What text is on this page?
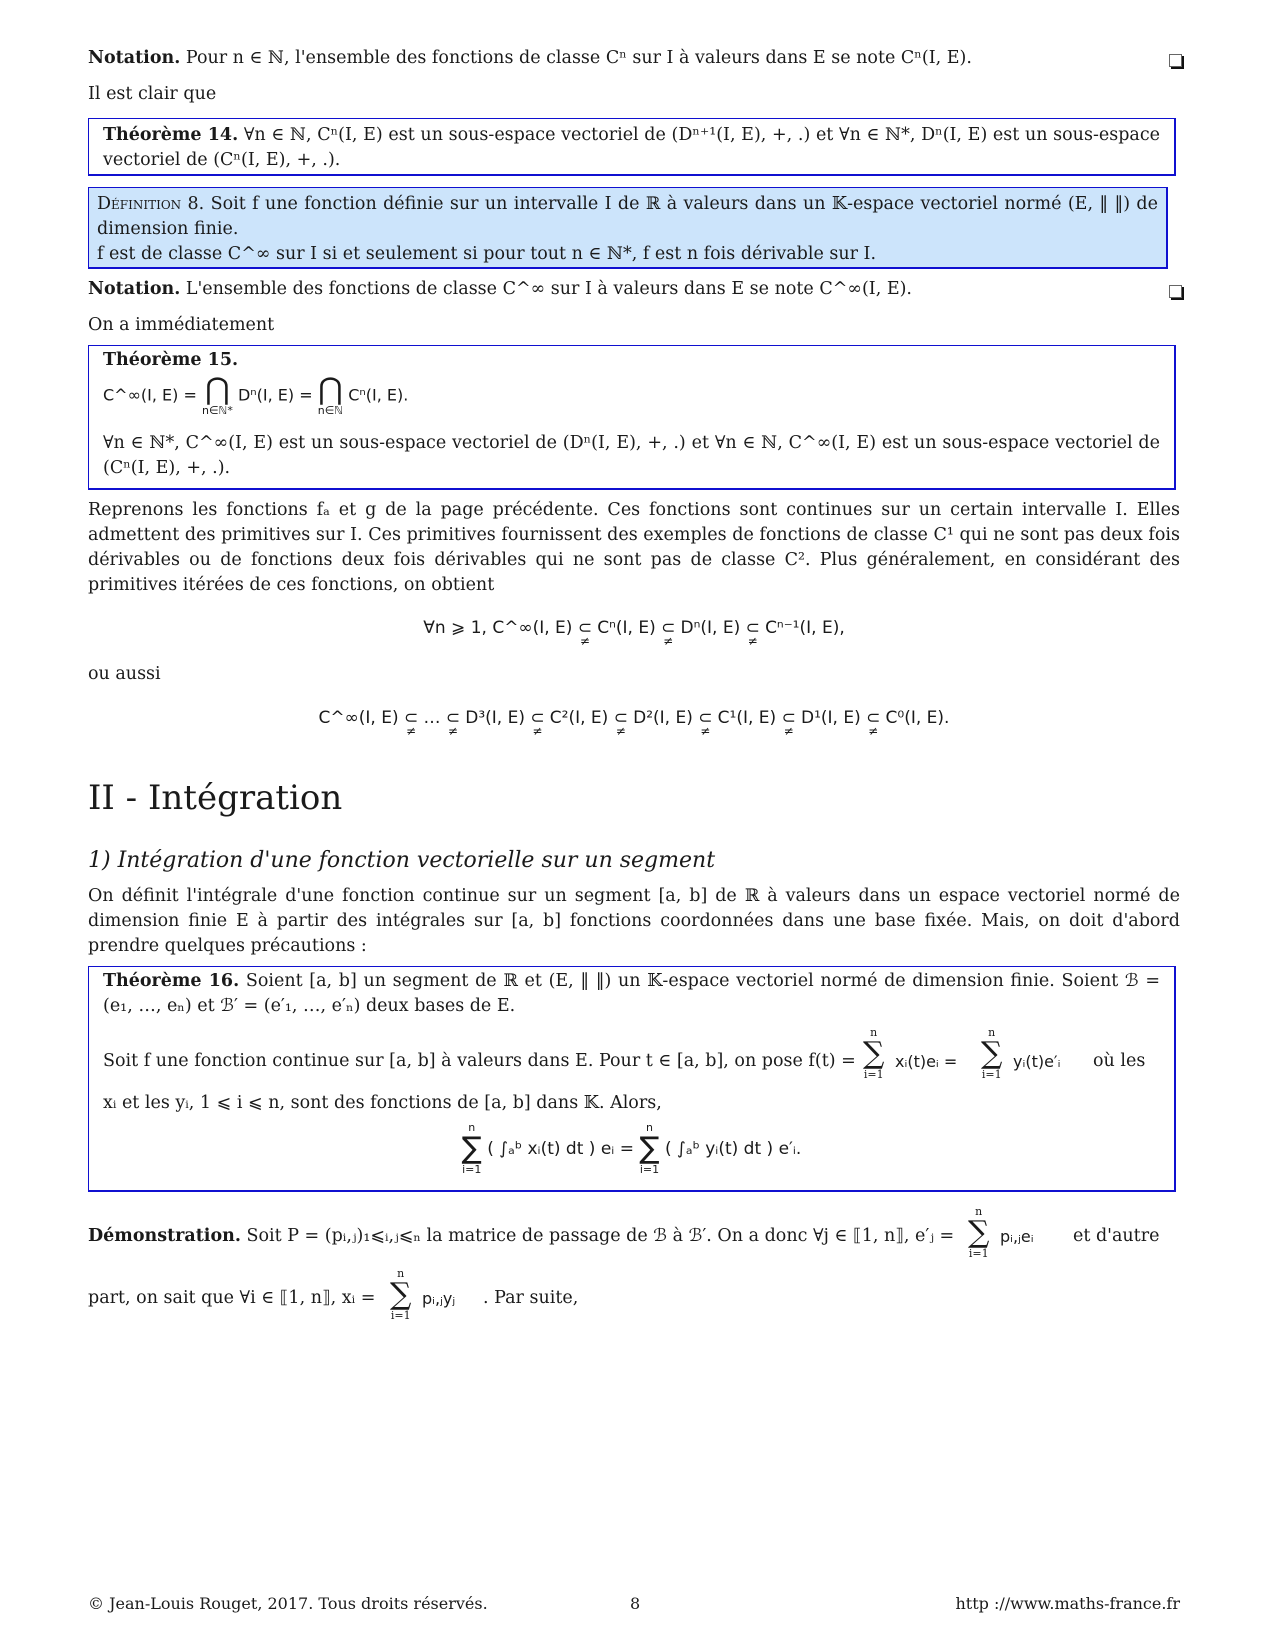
Notation. Pour n ∈ ℕ, l'ensemble des fonctions de classe Cⁿ sur I à valeurs dans E se note Cⁿ(I, E).

Il est clair que

Théorème 14. ∀n ∈ ℕ, Cⁿ(I, E) est un sous-espace vectoriel de (Dⁿ⁺¹(I, E), +, .) et ∀n ∈ ℕ*, Dⁿ(I, E) est un sous-espace vectoriel de (Cⁿ(I, E), +, .).

Définition 8. Soit f une fonction définie sur un intervalle I de ℝ à valeurs dans un 𝕂-espace vectoriel normé (E, ‖ ‖) de dimension finie.

f est de classe C^∞ sur I si et seulement si pour tout n ∈ ℕ*, f est n fois dérivable sur I.

Notation. L'ensemble des fonctions de classe C^∞ sur I à valeurs dans E se note C^∞(I, E).

On a immédiatement

Théorème 15.

C^∞(I, E) = ⋂
n∈ℕ*
Dⁿ(I, E) = ⋂
n∈ℕ
Cⁿ(I, E).

∀n ∈ ℕ*, C^∞(I, E) est un sous-espace vectoriel de (Dⁿ(I, E), +, .) et ∀n ∈ ℕ, C^∞(I, E) est un sous-espace vectoriel de (Cⁿ(I, E), +, .).

Reprenons les fonctions fₐ et g de la page précédente. Ces fonctions sont continues sur un certain intervalle I. Elles admettent des primitives sur I. Ces primitives fournissent des exemples de fonctions de classe C¹ qui ne sont pas deux fois dérivables ou de fonctions deux fois dérivables qui ne sont pas de classe C². Plus généralement, en considérant des primitives itérées de ces fonctions, on obtient

∀n ⩾ 1, C^∞(I, E) ⊂
≠
Cⁿ(I, E) ⊂
≠
Dⁿ(I, E) ⊂
≠
Cⁿ⁻¹(I, E),

ou aussi

C^∞(I, E) ⊂
≠
… ⊂
≠
D³(I, E) ⊂
≠
C²(I, E) ⊂
≠
D²(I, E) ⊂
≠
C¹(I, E) ⊂
≠
D¹(I, E) ⊂
≠
C⁰(I, E).
II - Intégration
1) Intégration d'une fonction vectorielle sur un segment

On définit l'intégrale d'une fonction continue sur un segment [a, b] de ℝ à valeurs dans un espace vectoriel normé de dimension finie E à partir des intégrales sur [a, b] fonctions coordonnées dans une base fixée. Mais, on doit d'abord prendre quelques précautions :

Théorème 16. Soient [a, b] un segment de ℝ et (E, ‖ ‖) un 𝕂-espace vectoriel normé de dimension finie. Soient ℬ = (e₁, …, eₙ) et ℬ′ = (e′₁, …, e′ₙ) deux bases de E.

Soit f une fonction continue sur [a, b] à valeurs dans E. Pour t ∈ [a, b], on pose f(t) =
n
∑
i=1
xᵢ(t)eᵢ =
n
∑
i=1
yᵢ(t)e′ᵢ où les

xᵢ et les yᵢ, 1 ⩽ i ⩽ n, sont des fonctions de [a, b] dans 𝕂. Alors,

n
∑
i=1
( ∫ₐᵇ xᵢ(t) dt ) eᵢ =
n
∑
i=1
( ∫ₐᵇ yᵢ(t) dt ) e′ᵢ.
Démonstration. Soit P = (pᵢ,ⱼ)₁⩽ᵢ,ⱼ⩽ₙ la matrice de passage de ℬ à ℬ′. On a donc ∀j ∈ ⟦1, n⟧, e′ⱼ =
n
∑
i=1
pᵢ,ⱼeᵢ et d'autre
part, on sait que ∀i ∈ ⟦1, n⟧, xᵢ =
n
∑
i=1
pᵢ,ⱼyⱼ . Par suite,
© Jean-Louis Rouget, 2017. Tous droits réservés.	8	http ://www.maths-france.fr
